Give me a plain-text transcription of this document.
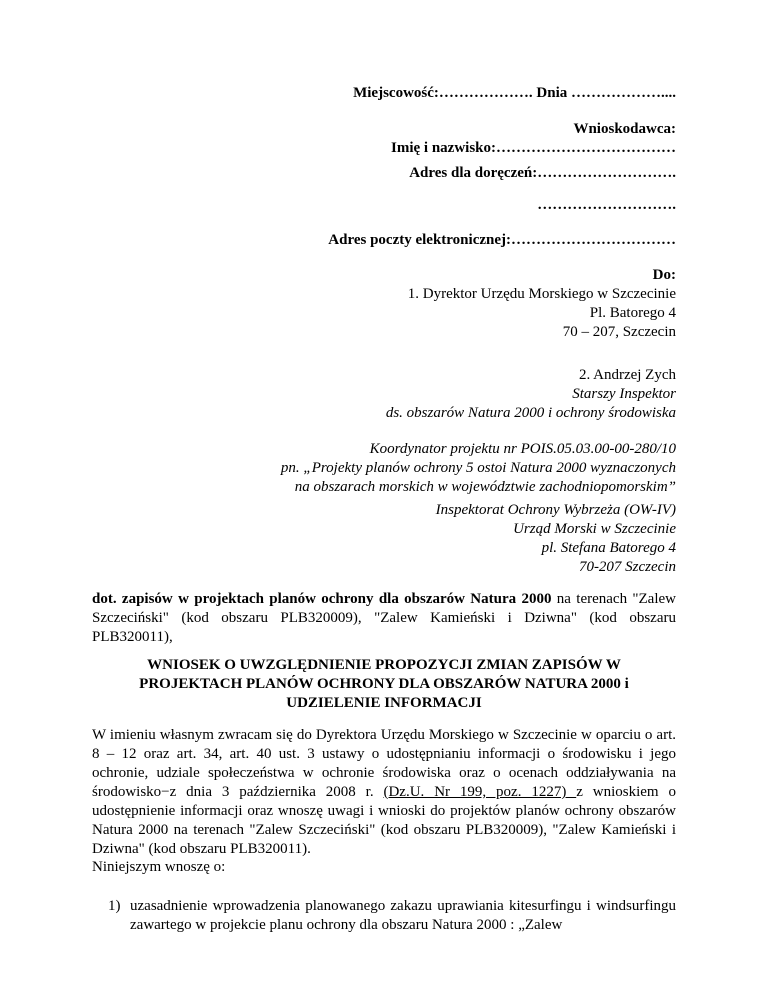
Miejscowość:………………. Dnia ………………....
Wnioskodawca:
Imię i nazwisko:………………………………
Adres dla doręczeń:……………………….
……………………….
Adres poczty elektronicznej:……………………………
Do:
1. Dyrektor Urzędu Morskiego w Szczecinie
Pl. Batorego 4
70 – 207, Szczecin
2. Andrzej Zych
Starszy Inspektor
ds. obszarów Natura 2000 i ochrony środowiska
Koordynator projektu nr POIS.05.03.00-00-280/10
pn. „Projekty planów ochrony 5 ostoi Natura 2000 wyznaczonych
na obszarach morskich w województwie zachodniopomorskim”
Inspektorat Ochrony Wybrzeża (OW-IV)
Urząd Morski w Szczecinie
pl. Stefana Batorego 4
70-207 Szczecin
dot. zapisów w projektach planów ochrony dla obszarów Natura 2000 na terenach "Zalew Szczeciński" (kod obszaru PLB320009), "Zalew Kamieński i Dziwna" (kod obszaru PLB320011),
WNIOSEK O UWZGLĘDNIENIE PROPOZYCJI ZMIAN ZAPISÓW W
PROJEKTACH PLANÓW OCHRONY DLA OBSZARÓW NATURA 2000 i
UDZIELENIE INFORMACJI
W imieniu własnym zwracam się do Dyrektora Urzędu Morskiego w Szczecinie w oparciu o art. 8 – 12 oraz art. 34, art. 40 ust. 3 ustawy o udostępnianiu informacji o środowisku i jego ochronie, udziale społeczeństwa w ochronie środowiska oraz o ocenach oddziaływania na środowisko−z dnia 3 października 2008 r. (Dz.U. Nr 199, poz. 1227) z wnioskiem o udostępnienie informacji oraz wnoszę uwagi i wnioski do projektów planów ochrony obszarów Natura 2000 na terenach "Zalew Szczeciński" (kod obszaru PLB320009), "Zalew Kamieński i Dziwna" (kod obszaru PLB320011).
Niniejszym wnoszę o:
1) uzasadnienie wprowadzenia planowanego zakazu uprawiania kitesurfingu i windsurfingu zawartego w projekcie planu ochrony dla obszaru Natura 2000 : „Zalew
